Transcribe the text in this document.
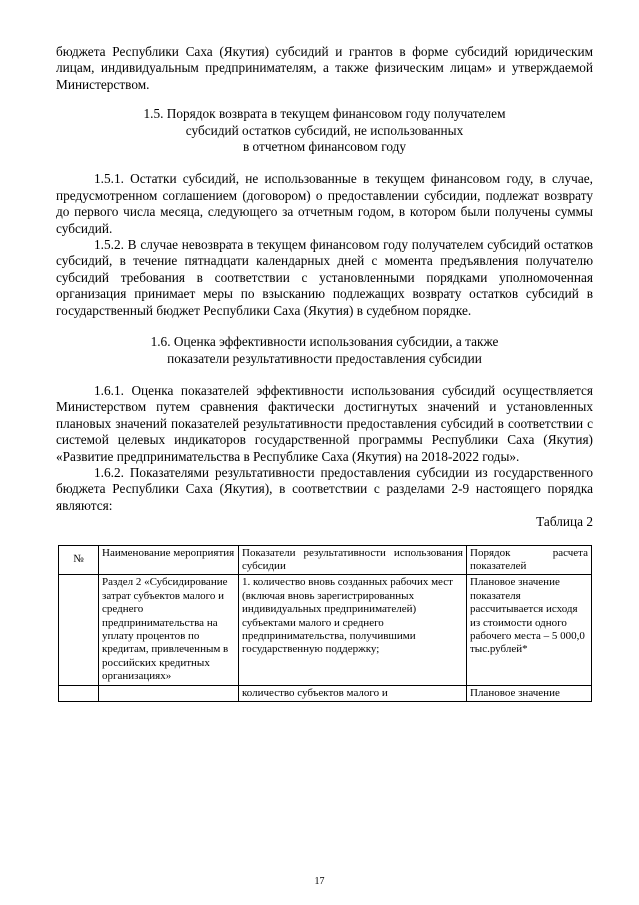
бюджета Республики Саха (Якутия) субсидий и грантов в форме субсидий юридическим лицам, индивидуальным предпринимателям, а также физическим лицам» и утверждаемой Министерством.

1.5. Порядок возврата в текущем финансовом году получателем
субсидий остатков субсидий, не использованных
в отчетном финансовом году

1.5.1. Остатки субсидий, не использованные в текущем финансовом году, в случае, предусмотренном соглашением (договором) о предоставлении субсидии, подлежат возврату до первого числа месяца, следующего за отчетным годом, в котором были получены суммы субсидий.

1.5.2. В случае невозврата в текущем финансовом году получателем субсидий остатков субсидий, в течение пятнадцати календарных дней с момента предъявления получателю субсидий требования в соответствии с установленными порядками уполномоченная организация принимает меры по взысканию подлежащих возврату остатков субсидий в государственный бюджет Республики Саха (Якутия) в судебном порядке.

1.6. Оценка эффективности использования субсидии, а также
показатели результативности предоставления субсидии

1.6.1. Оценка показателей эффективности использования субсидий осуществляется Министерством путем сравнения фактически достигнутых значений и установленных плановых значений показателей результативности предоставления субсидий в соответствии с системой целевых индикаторов государственной программы Республики Саха (Якутия) «Развитие предпринимательства в Республике Саха (Якутия) на 2018-2022 годы».

1.6.2. Показателями результативности предоставления субсидии из государственного бюджета Республики Саха (Якутия), в соответствии с разделами 2-9 настоящего порядка являются:

Таблица 2
№	Наименование мероприятия	Показатели результативности использования субсидии	Порядок расчета показателей
	Раздел 2 «Субсидирование затрат субъектов малого и среднего предпринимательства на уплату процентов по кредитам, привлеченным в российских кредитных организациях»	1. количество вновь созданных рабочих мест (включая вновь зарегистрированных индивидуальных предпринимателей) субъектами малого и среднего предпринимательства, получившими государственную поддержку;	Плановое значение показателя рассчитывается исходя из стоимости одного рабочего места – 5 000,0 тыс.рублей*
		количество субъектов малого и	Плановое значение
17
